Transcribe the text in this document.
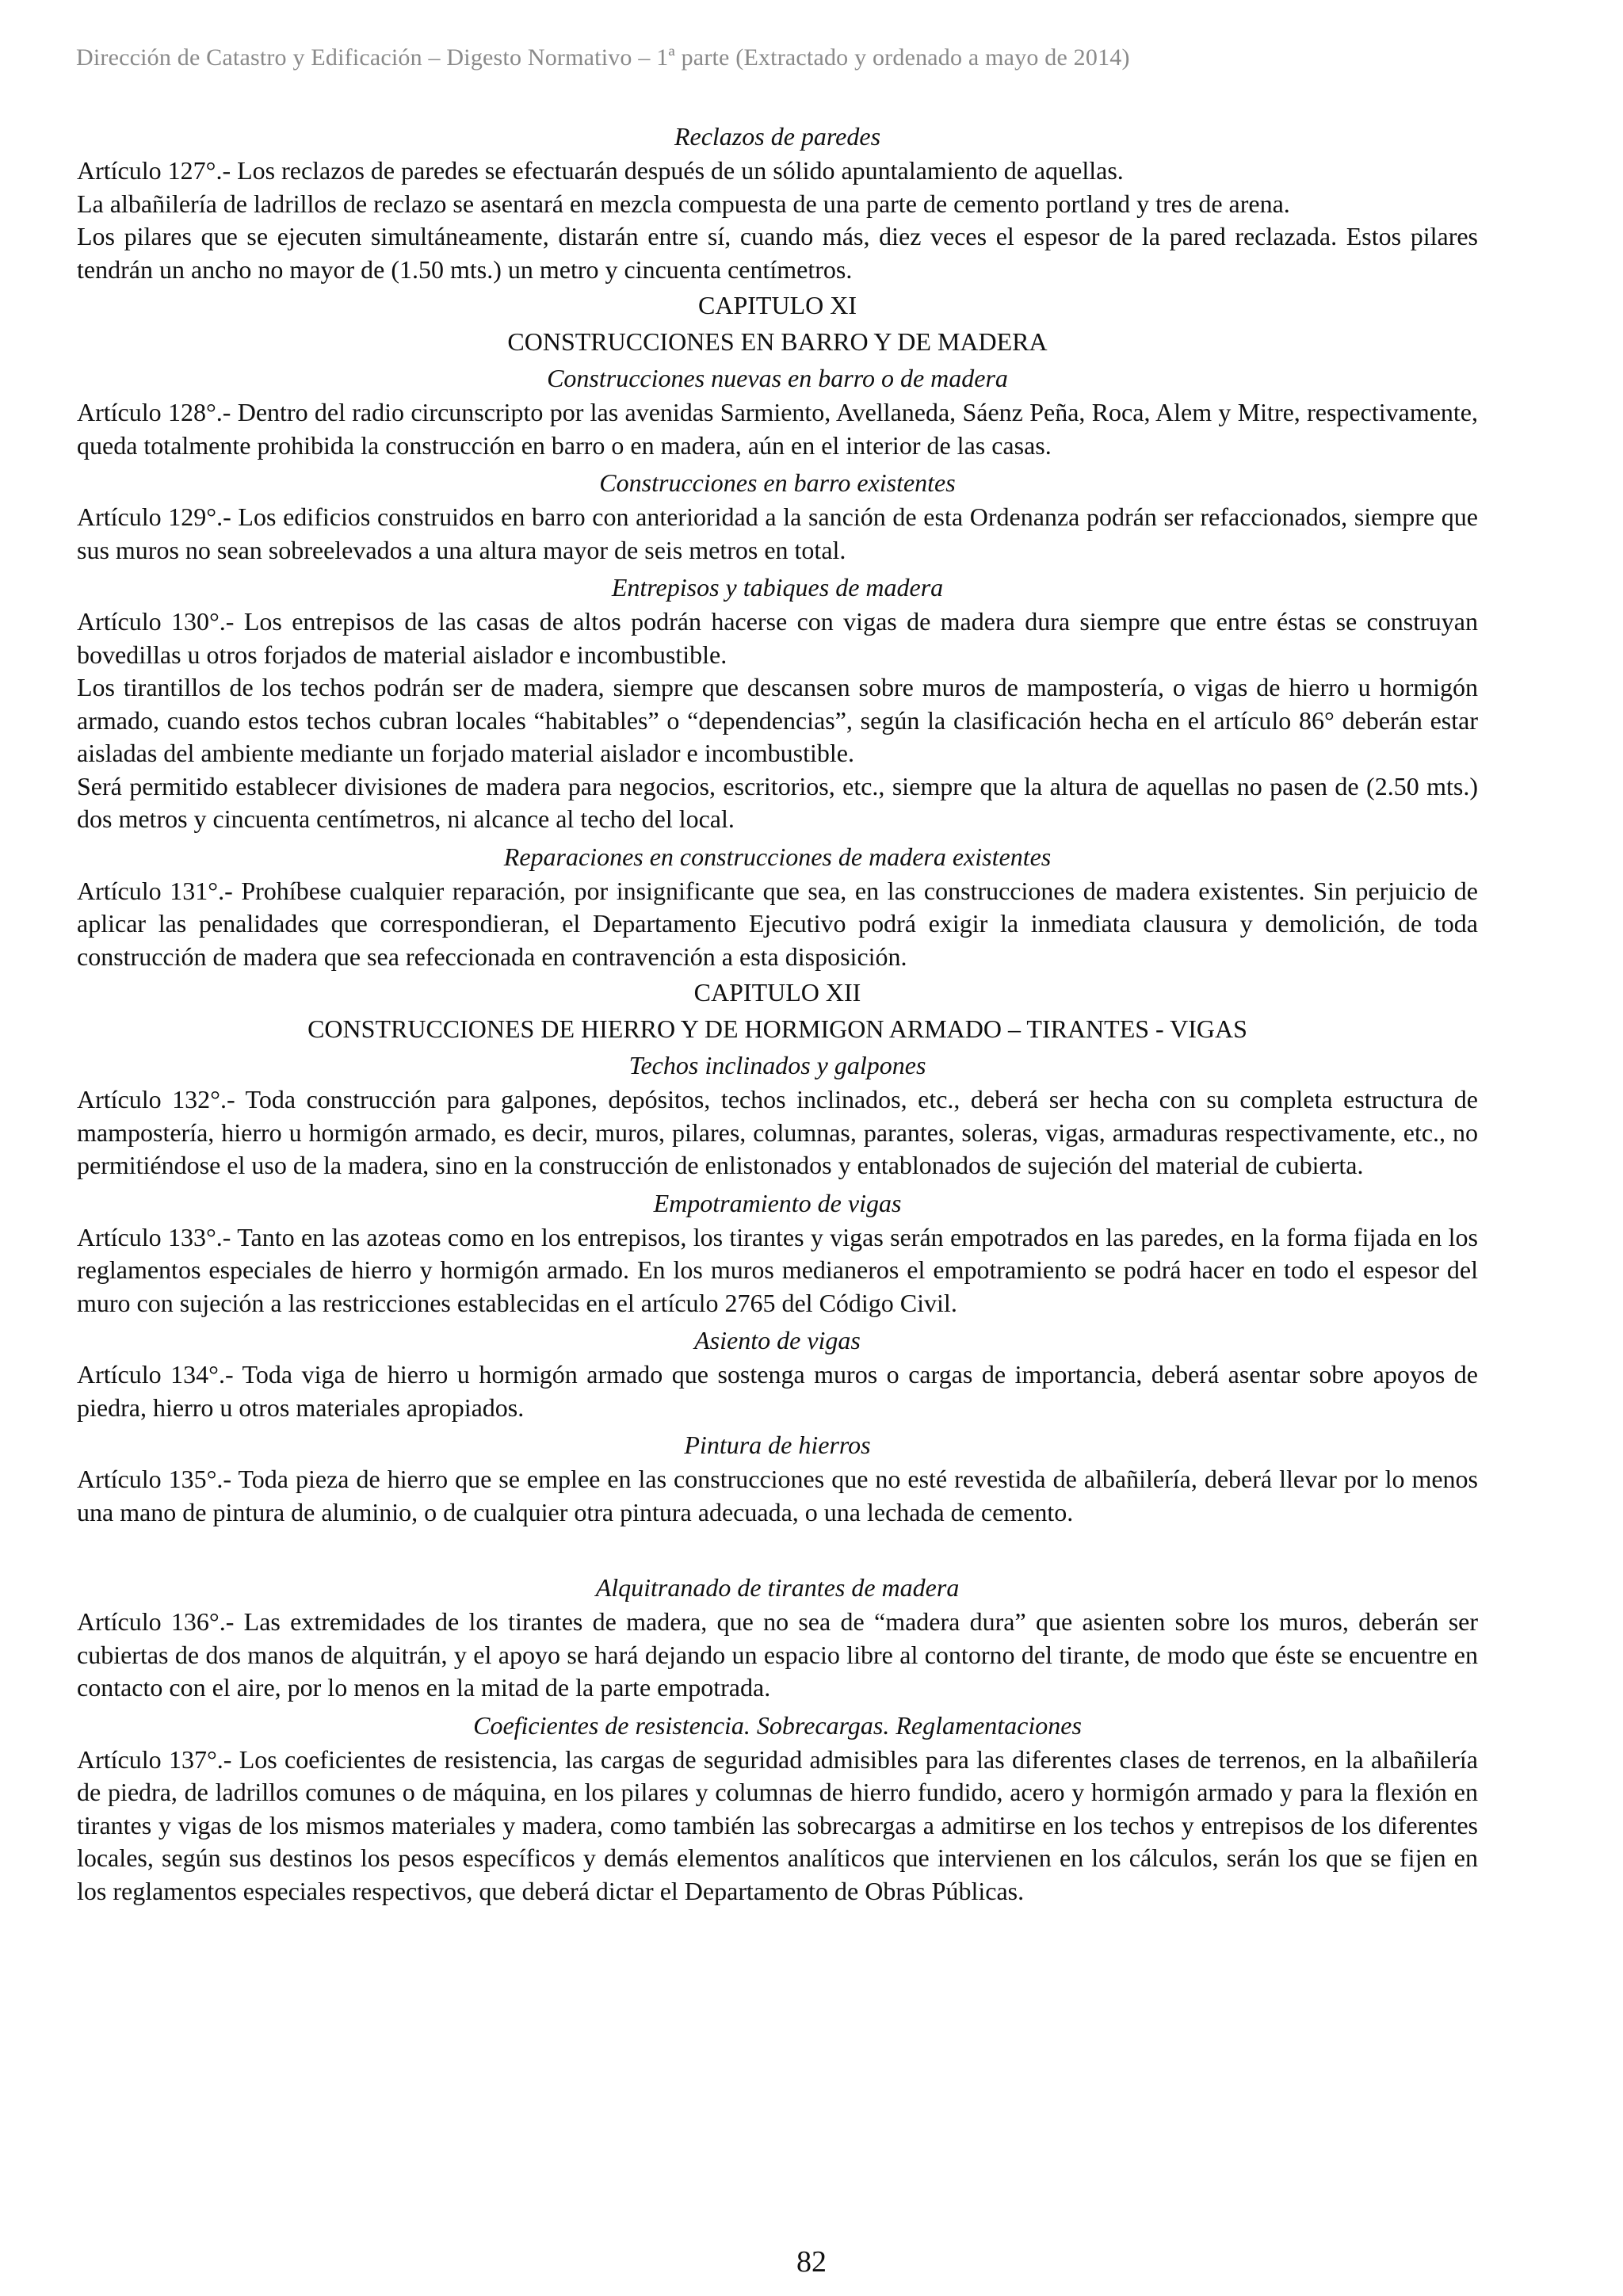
Dirección de Catastro y Edificación – Digesto Normativo – 1ª parte (Extractado y ordenado a mayo de 2014)
Reclazos de paredes

Artículo 127°.- Los reclazos de paredes se efectuarán después de un sólido apuntalamiento de aquellas.

La albañilería de ladrillos de reclazo se asentará en mezcla compuesta de una parte de cemento portland y tres de arena.

Los pilares que se ejecuten simultáneamente, distarán entre sí, cuando más, diez veces el espesor de la pared reclazada. Estos pilares tendrán un ancho no mayor de (1.50 mts.) un metro y cincuenta centímetros.

CAPITULO XI
CONSTRUCCIONES EN BARRO Y DE MADERA
Construcciones nuevas en barro o de madera

Artículo 128°.- Dentro del radio circunscripto por las avenidas Sarmiento, Avellaneda, Sáenz Peña, Roca, Alem y Mitre, respectivamente, queda totalmente prohibida la construcción en barro o en madera, aún en el interior de las casas.

Construcciones en barro existentes

Artículo 129°.- Los edificios construidos en barro con anterioridad a la sanción de esta Ordenanza podrán ser refaccionados, siempre que sus muros no sean sobreelevados a una altura mayor de seis metros en total.

Entrepisos y tabiques de madera

Artículo 130°.- Los entrepisos de las casas de altos podrán hacerse con vigas de madera dura siempre que entre éstas se construyan bovedillas u otros forjados de material aislador e incombustible.

Los tirantillos de los techos podrán ser de madera, siempre que descansen sobre muros de mampostería, o vigas de hierro u hormigón armado, cuando estos techos cubran locales “habitables” o “dependencias”, según la clasificación hecha en el artículo 86° deberán estar aisladas del ambiente mediante un forjado material aislador e incombustible.

Será permitido establecer divisiones de madera para negocios, escritorios, etc., siempre que la altura de aquellas no pasen de (2.50 mts.) dos metros y cincuenta centímetros, ni alcance al techo del local.

Reparaciones en construcciones de madera existentes

Artículo 131°.- Prohíbese cualquier reparación, por insignificante que sea, en las construcciones de madera existentes. Sin perjuicio de aplicar las penalidades que correspondieran, el Departamento Ejecutivo podrá exigir la inmediata clausura y demolición, de toda construcción de madera que sea refeccionada en contravención a esta disposición.

CAPITULO XII
CONSTRUCCIONES DE HIERRO Y DE HORMIGON ARMADO – TIRANTES - VIGAS
Techos inclinados y galpones

Artículo 132°.- Toda construcción para galpones, depósitos, techos inclinados, etc., deberá ser hecha con su completa estructura de mampostería, hierro u hormigón armado, es decir, muros, pilares, columnas, parantes, soleras, vigas, armaduras respectivamente, etc., no permitiéndose el uso de la madera, sino en la construcción de enlistonados y entablonados de sujeción del material de cubierta.

Empotramiento de vigas

Artículo 133°.- Tanto en las azoteas como en los entrepisos, los tirantes y vigas serán empotrados en las paredes, en la forma fijada en los reglamentos especiales de hierro y hormigón armado. En los muros medianeros el empotramiento se podrá hacer en todo el espesor del muro con sujeción a las restricciones establecidas en el artículo 2765 del Código Civil.

Asiento de vigas

Artículo 134°.- Toda viga de hierro u hormigón armado que sostenga muros o cargas de importancia, deberá asentar sobre apoyos de piedra, hierro u otros materiales apropiados.

Pintura de hierros

Artículo 135°.- Toda pieza de hierro que se emplee en las construcciones que no esté revestida de albañilería, deberá llevar por lo menos una mano de pintura de aluminio, o de cualquier otra pintura adecuada, o una lechada de cemento.

Alquitranado de tirantes de madera

Artículo 136°.- Las extremidades de los tirantes de madera, que no sea de “madera dura” que asienten sobre los muros, deberán ser cubiertas de dos manos de alquitrán, y el apoyo se hará dejando un espacio libre al contorno del tirante, de modo que éste se encuentre en contacto con el aire, por lo menos en la mitad de la parte empotrada.

Coeficientes de resistencia. Sobrecargas. Reglamentaciones

Artículo 137°.- Los coeficientes de resistencia, las cargas de seguridad admisibles para las diferentes clases de terrenos, en la albañilería de piedra, de ladrillos comunes o de máquina, en los pilares y columnas de hierro fundido, acero y hormigón armado y para la flexión en tirantes y vigas de los mismos materiales y madera, como también las sobrecargas a admitirse en los techos y entrepisos de los diferentes locales, según sus destinos los pesos específicos y demás elementos analíticos que intervienen en los cálculos, serán los que se fijen en los reglamentos especiales respectivos, que deberá dictar el Departamento de Obras Públicas.

82
